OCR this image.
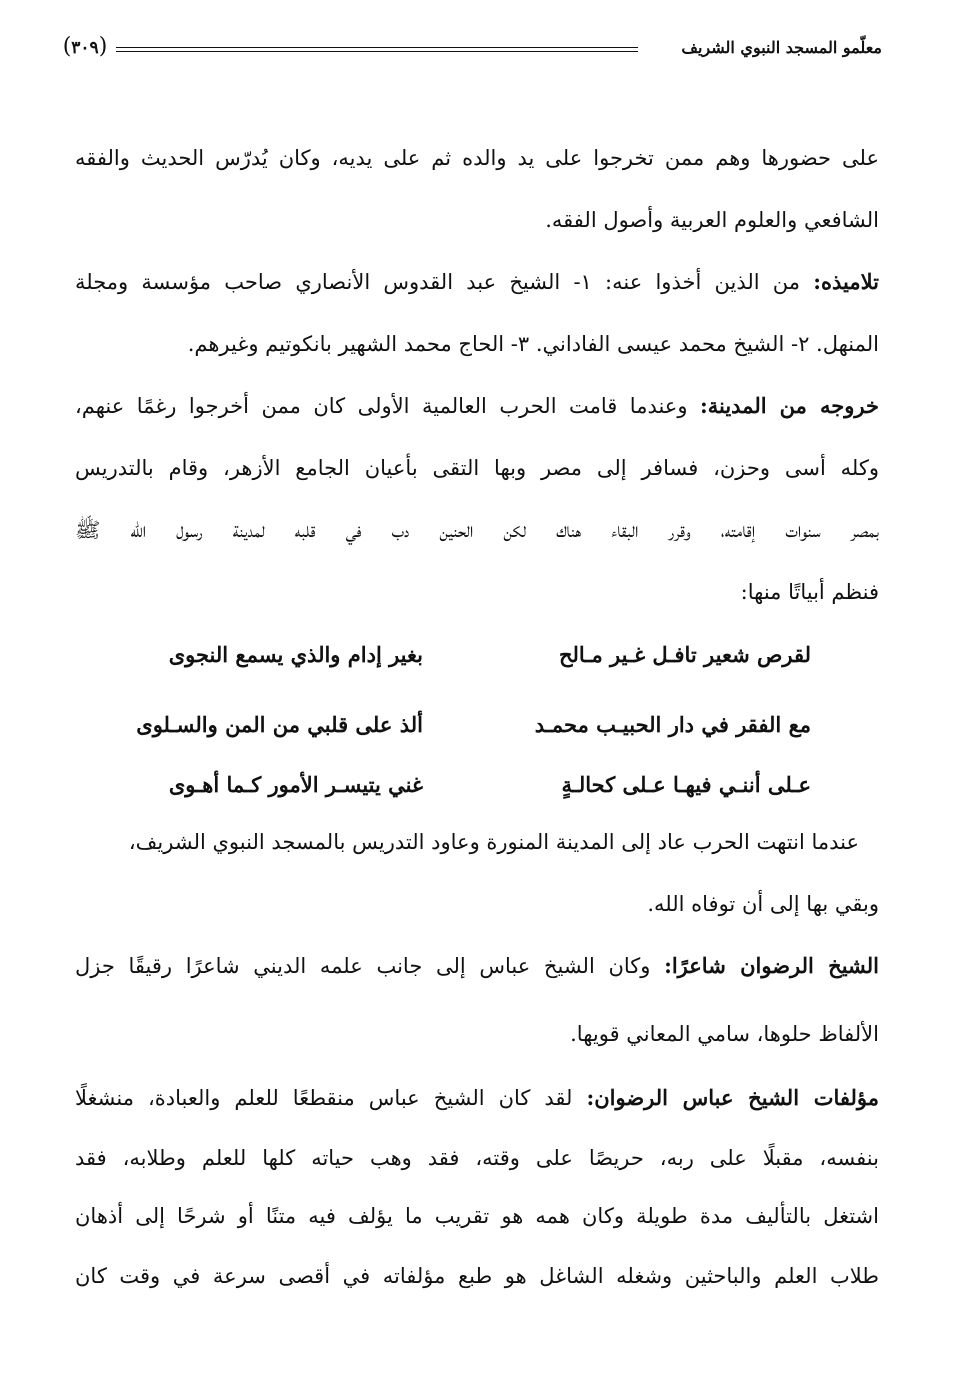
معلّمو المسجد النبوي الشريف
(٣٠٩)
على حضورها وهم ممن تخرجوا على يد والده ثم على يديه، وكان يُدرّس الحديث والفقه
الشافعي والعلوم العربية وأصول الفقه.
تلاميذه: من الذين أخذوا عنه: ١- الشيخ عبد القدوس الأنصاري صاحب مؤسسة ومجلة
المنهل. ٢- الشيخ محمد عيسى الفاداني. ٣- الحاج محمد الشهير بانكوتيم وغيرهم.
خروجه من المدينة: وعندما قامت الحرب العالمية الأولى كان ممن أخرجوا رغمًا عنهم،
وكله أسى وحزن، فسافر إلى مصر وبها التقى بأعيان الجامع الأزهر، وقام بالتدريس
بمصر سنوات إقامته، وقرر البقاء هناك لكن الحنين دب في قلبه لمدينة رسول الله ﷺ
فنظم أبياتًا منها:
لقرص شعير تافـل غـير مـالح
بغير إدام والذي يسمع النجوى
مع الفقر في دار الحبيـب محمـد
ألذ على قلبي من المن والسـلوى
عـلى أننـي فيهـا عـلى كحالـةٍ
غني يتيسـر الأمور كـما أهـوى
عندما انتهت الحرب عاد إلى المدينة المنورة وعاود التدريس بالمسجد النبوي الشريف،
وبقي بها إلى أن توفاه الله.
الشيخ الرضوان شاعرًا: وكان الشيخ عباس إلى جانب علمه الديني شاعرًا رقيقًا جزل
الألفاظ حلوها، سامي المعاني قويها.
مؤلفات الشيخ عباس الرضوان: لقد كان الشيخ عباس منقطعًا للعلم والعبادة، منشغلًا
بنفسه، مقبلًا على ربه، حريصًا على وقته، فقد وهب حياته كلها للعلم وطلابه، فقد
اشتغل بالتأليف مدة طويلة وكان همه هو تقريب ما يؤلف فيه متنًا أو شرحًا إلى أذهان
طلاب العلم والباحثين وشغله الشاغل هو طبع مؤلفاته في أقصى سرعة في وقت كان
